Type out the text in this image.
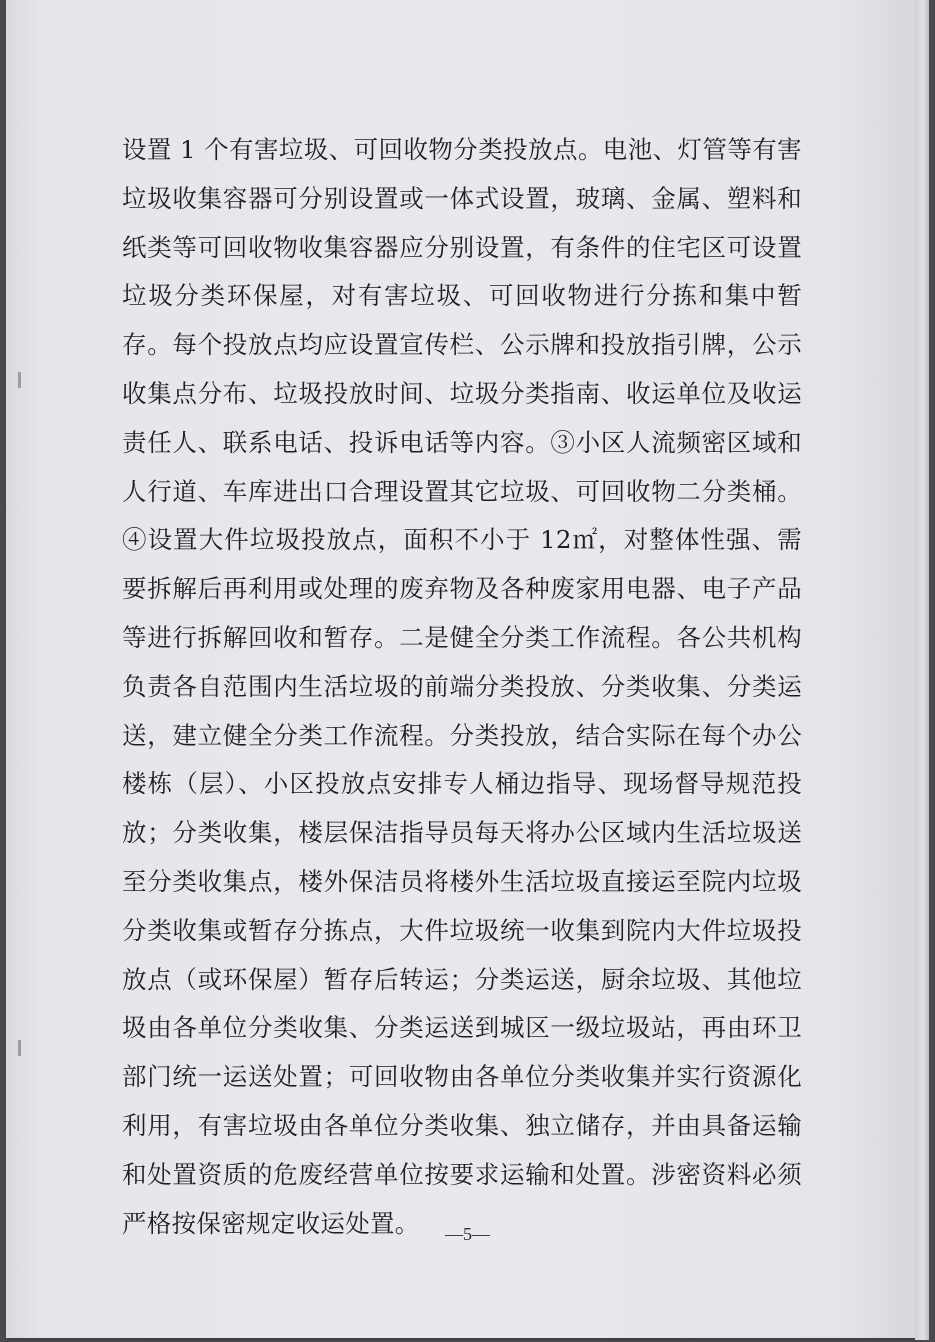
设置 1 个有害垃圾、可回收物分类投放点。电池、灯管等有害垃圾收集容器可分别设置或一体式设置，玻璃、金属、塑料和纸类等可回收物收集容器应分别设置，有条件的住宅区可设置垃圾分类环保屋，对有害垃圾、可回收物进行分拣和集中暂存。每个投放点均应设置宣传栏、公示牌和投放指引牌，公示收集点分布、垃圾投放时间、垃圾分类指南、收运单位及收运责任人、联系电话、投诉电话等内容。③小区人流频密区域和人行道、车库进出口合理设置其它垃圾、可回收物二分类桶。④设置大件垃圾投放点，面积不小于 12㎡，对整体性强、需要拆解后再利用或处理的废弃物及各种废家用电器、电子产品等进行拆解回收和暂存。二是健全分类工作流程。各公共机构负责各自范围内生活垃圾的前端分类投放、分类收集、分类运送，建立健全分类工作流程。分类投放，结合实际在每个办公楼栋（层）、小区投放点安排专人桶边指导、现场督导规范投放；分类收集，楼层保洁指导员每天将办公区域内生活垃圾送至分类收集点，楼外保洁员将楼外生活垃圾直接运至院内垃圾分类收集或暂存分拣点，大件垃圾统一收集到院内大件垃圾投放点（或环保屋）暂存后转运；分类运送，厨余垃圾、其他垃圾由各单位分类收集、分类运送到城区一级垃圾站，再由环卫部门统一运送处置；可回收物由各单位分类收集并实行资源化利用，有害垃圾由各单位分类收集、独立储存，并由具备运输和处置资质的危废经营单位按要求运输和处置。涉密资料必须严格按保密规定收运处置。	—5—
